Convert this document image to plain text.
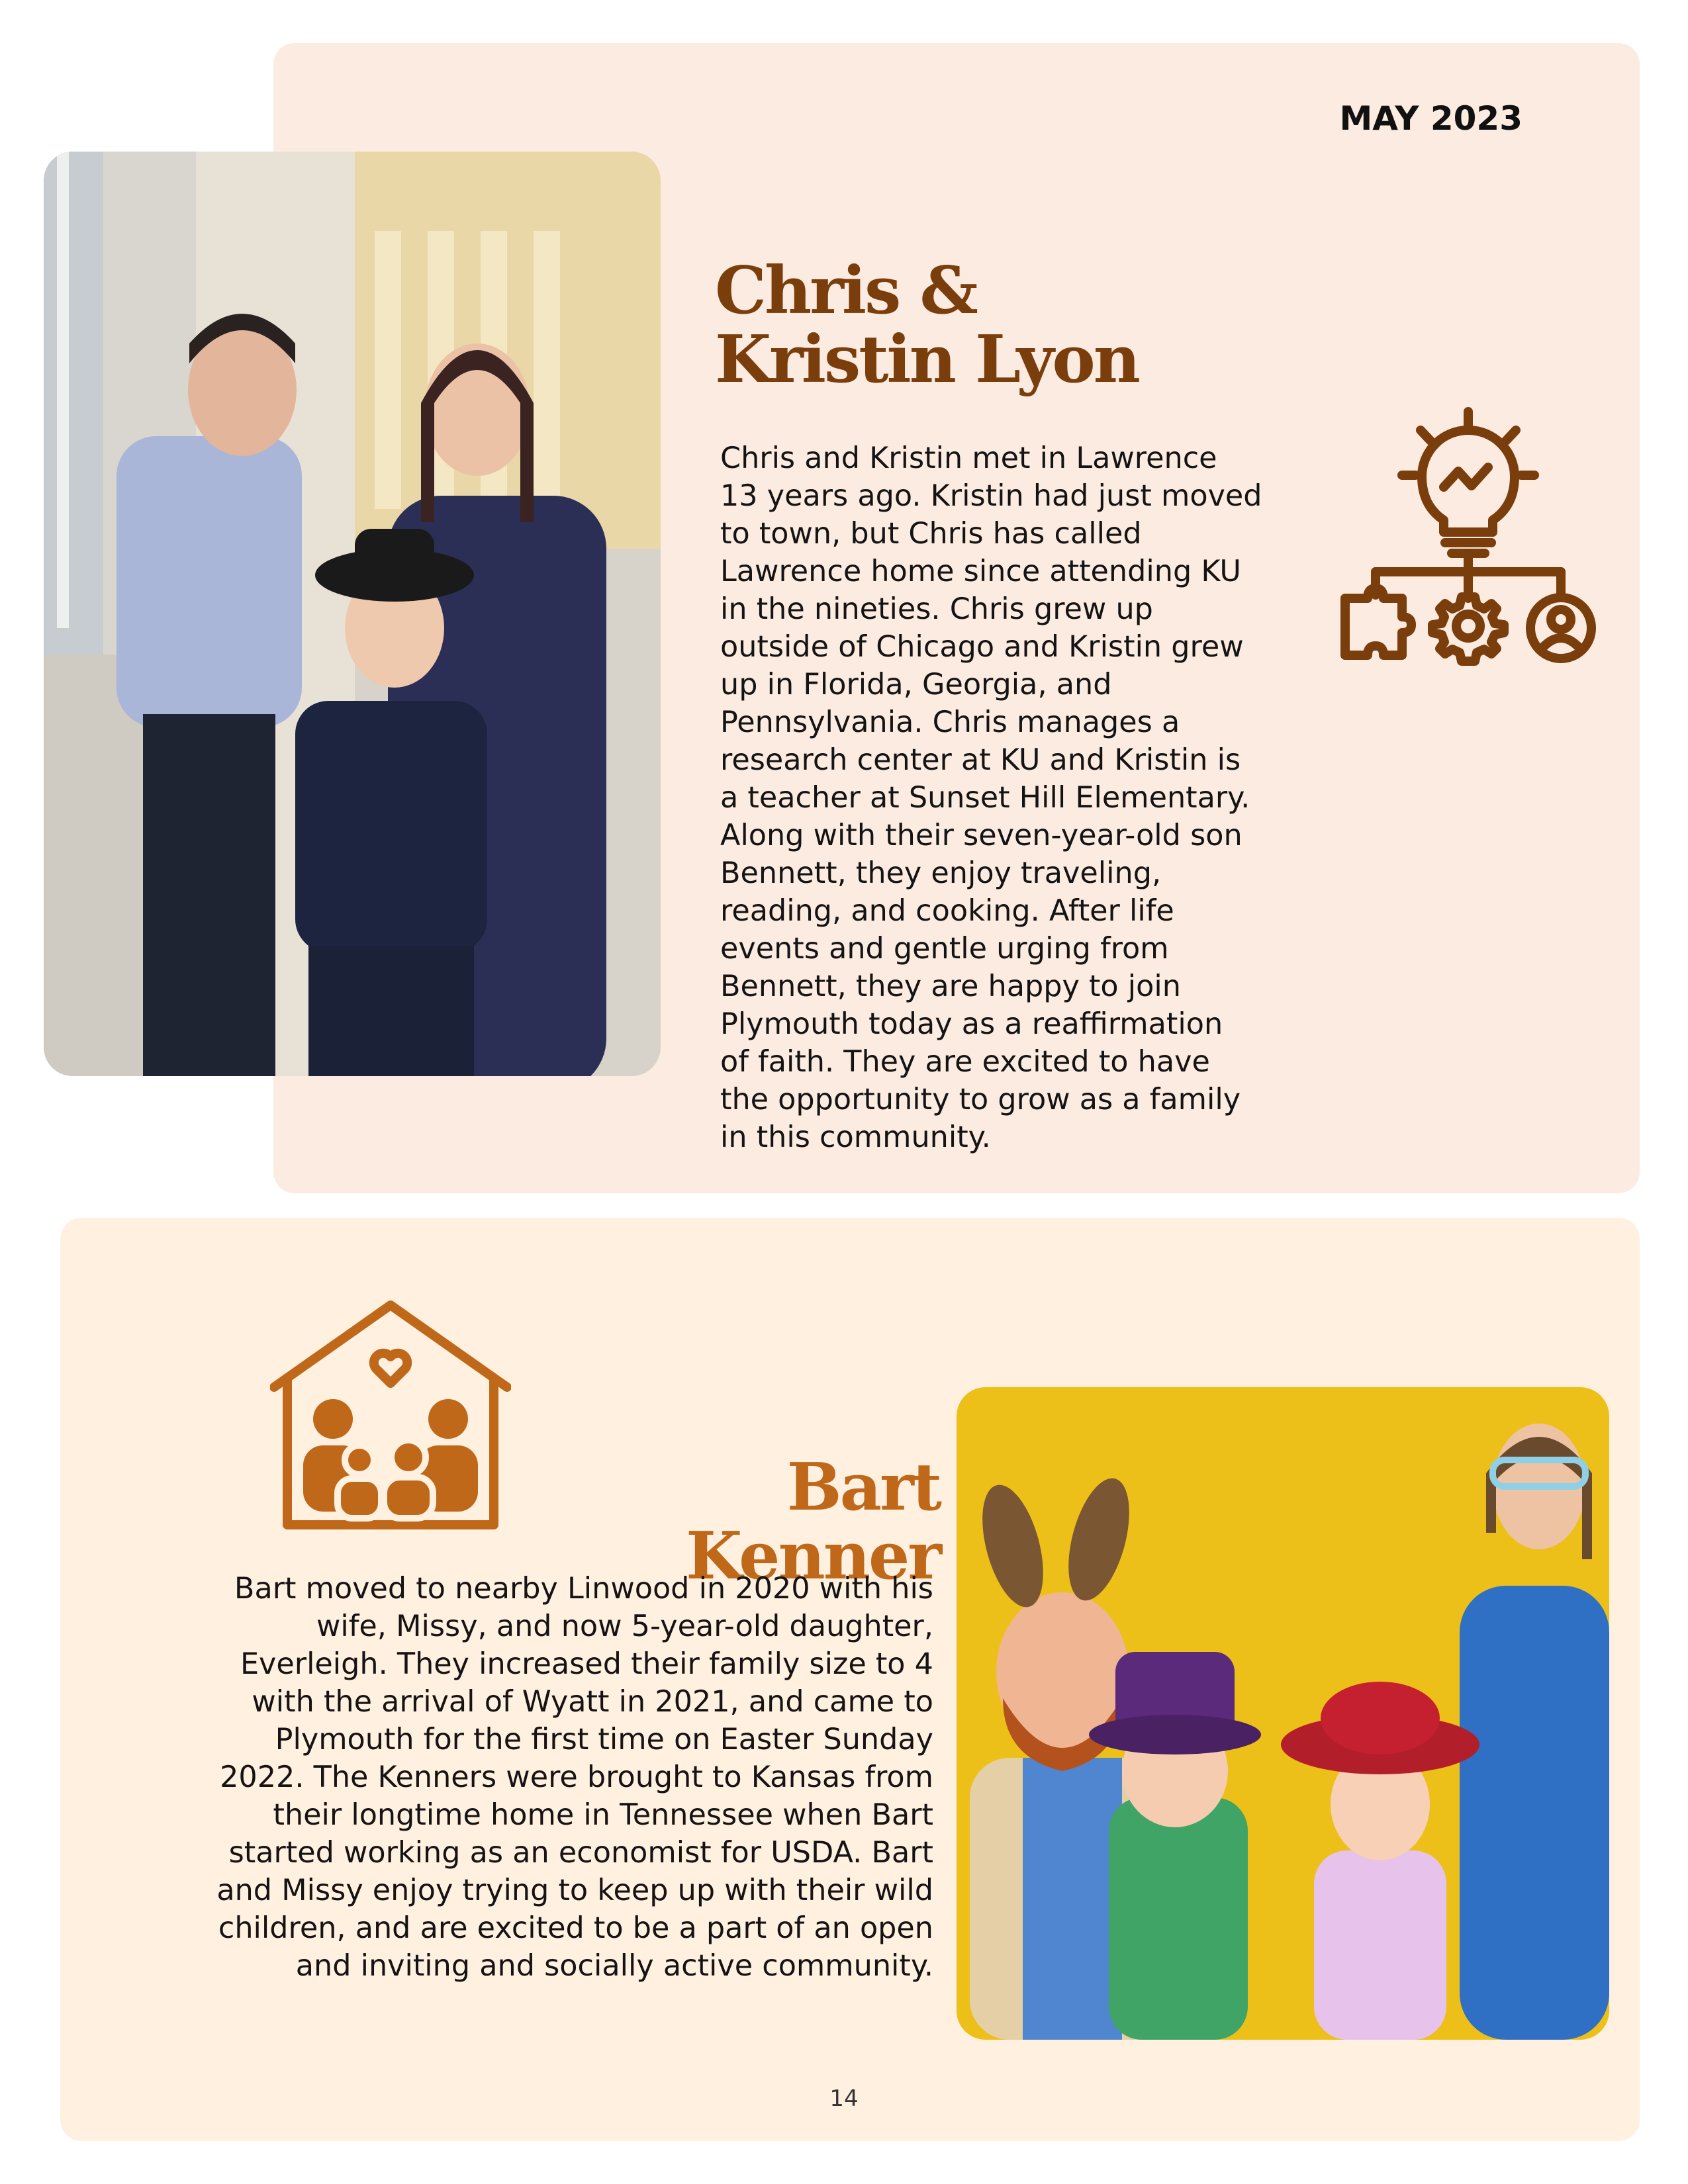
MAY 2023
Chris &
Kristin Lyon
Bart Kenner
Chris and Kristin met in Lawrence
13 years ago. Kristin had just moved
to town, but Chris has called
Lawrence home since attending KU
in the nineties. Chris grew up
outside of Chicago and Kristin grew
up in Florida, Georgia, and
Pennsylvania. Chris manages a
research center at KU and Kristin is
a teacher at Sunset Hill Elementary.
Along with their seven-year-old son
Bennett, they enjoy traveling,
reading, and cooking. After life
events and gentle urging from
Bennett, they are happy to join
Plymouth today as a reaffirmation
of faith. They are excited to have
the opportunity to grow as a family
in this community.
Bart moved to nearby Linwood in 2020 with his
wife, Missy, and now 5-year-old daughter,
Everleigh. They increased their family size to 4
with the arrival of Wyatt in 2021, and came to
Plymouth for the first time on Easter Sunday
2022. The Kenners were brought to Kansas from
their longtime home in Tennessee when Bart
started working as an economist for USDA. Bart
and Missy enjoy trying to keep up with their wild
children, and are excited to be a part of an open
and inviting and socially active community.
14
